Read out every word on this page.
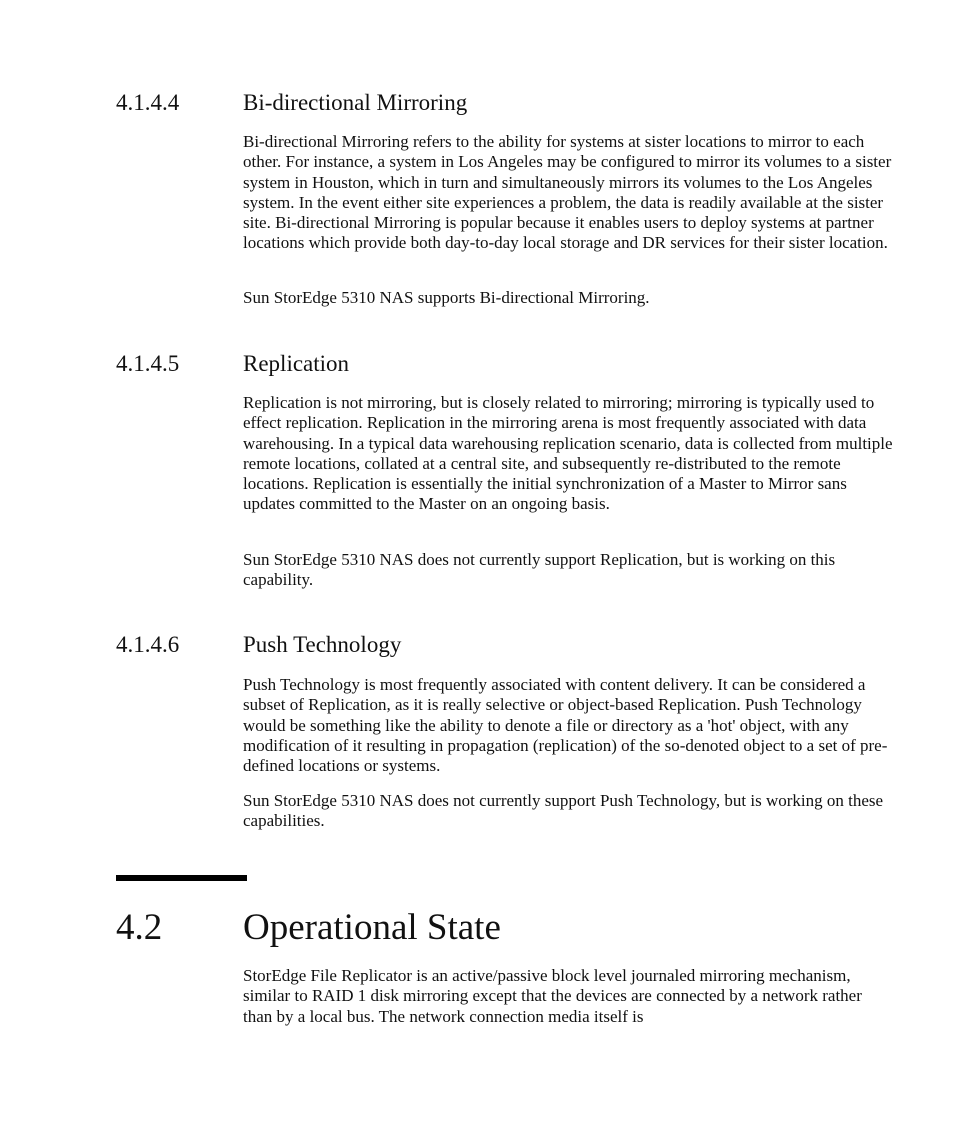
4.1.4.4	Bi-directional Mirroring

Bi-directional Mirroring refers to the ability for systems at sister locations to mirror to each other. For instance, a system in Los Angeles may be configured to mirror its volumes to a sister system in Houston, which in turn and simultaneously mirrors its volumes to the Los Angeles system. In the event either site experiences a problem, the data is readily available at the sister site. Bi-directional Mirroring is popular because it enables users to deploy systems at partner locations which provide both day-to-day local storage and DR services for their sister location.

Sun StorEdge 5310 NAS supports Bi-directional Mirroring.

4.1.4.5	Replication

Replication is not mirroring, but is closely related to mirroring; mirroring is typically used to effect replication. Replication in the mirroring arena is most frequently associated with data warehousing. In a typical data warehousing replication scenario, data is collected from multiple remote locations, collated at a central site, and subsequently re-distributed to the remote locations. Replication is essentially the initial synchronization of a Master to Mirror sans updates committed to the Master on an ongoing basis.

Sun StorEdge 5310 NAS does not currently support Replication, but is working on this capability.

4.1.4.6	Push Technology

Push Technology is most frequently associated with content delivery. It can be considered a subset of Replication, as it is really selective or object-based Replication. Push Technology would be something like the ability to denote a file or directory as a 'hot' object, with any modification of it resulting in propagation (replication) of the so-denoted object to a set of pre-defined locations or systems.

Sun StorEdge 5310 NAS does not currently support Push Technology, but is working on these capabilities.

4.2 Operational State

StorEdge File Replicator is an active/passive block level journaled mirroring mechanism, similar to RAID 1 disk mirroring except that the devices are connected by a network rather than by a local bus. The network connection media itself is
